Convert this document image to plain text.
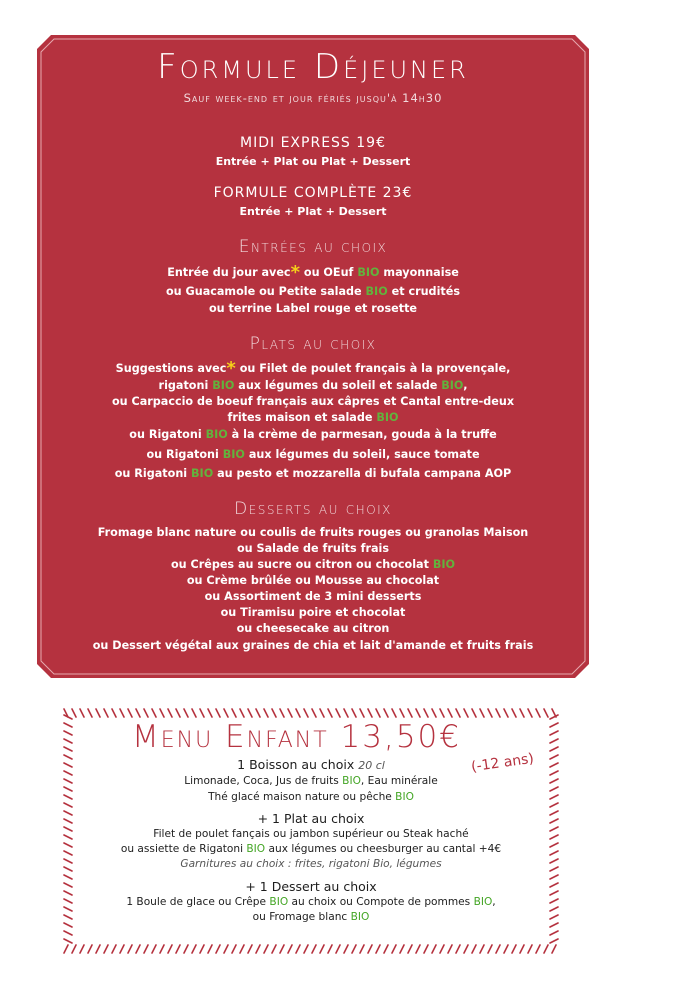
Formule Déjeuner
Sauf week-end et jour fériés jusqu'à 14h30
MIDI EXPRESS 19€
Entrée + Plat ou Plat + Dessert
FORMULE COMPLÈTE 23€
Entrée + Plat + Dessert
Entrées au choix
Entrée du jour avec* ou OEuf BIO mayonnaise
ou Guacamole ou Petite salade BIO et crudités
ou terrine Label rouge et rosette
Plats au choix
Suggestions avec* ou Filet de poulet français à la provençale,
rigatoni BIO aux légumes du soleil et salade BIO,
ou Carpaccio de boeuf français aux câpres et Cantal entre-deux
frites maison et salade BIO
ou Rigatoni BIO à la crème de parmesan, gouda à la truffe
ou Rigatoni BIO aux légumes du soleil, sauce tomate
ou Rigatoni BIO au pesto et mozzarella di bufala campana AOP
Desserts au choix
Fromage blanc nature ou coulis de fruits rouges ou granolas Maison
ou Salade de fruits frais
ou Crêpes au sucre ou citron ou chocolat BIO
ou Crème brûlée ou Mousse au chocolat
ou Assortiment de 3 mini desserts
ou Tiramisu poire et chocolat
ou cheesecake au citron
ou Dessert végétal aux graines de chia et lait d'amande et fruits frais
Menu Enfant 13,50€
(-12 ans)
1 Boisson au choix 20 cl
Limonade, Coca, Jus de fruits BIO, Eau minérale
Thé glacé maison nature ou pêche BIO
+ 1 Plat au choix
Filet de poulet fançais ou jambon supérieur ou Steak haché
ou assiette de Rigatoni BIO aux légumes ou cheesburger au cantal +4€
Garnitures au choix : frites, rigatoni Bio, légumes
+ 1 Dessert au choix
1 Boule de glace ou Crêpe BIO au choix ou Compote de pommes BIO,
ou Fromage blanc BIO
